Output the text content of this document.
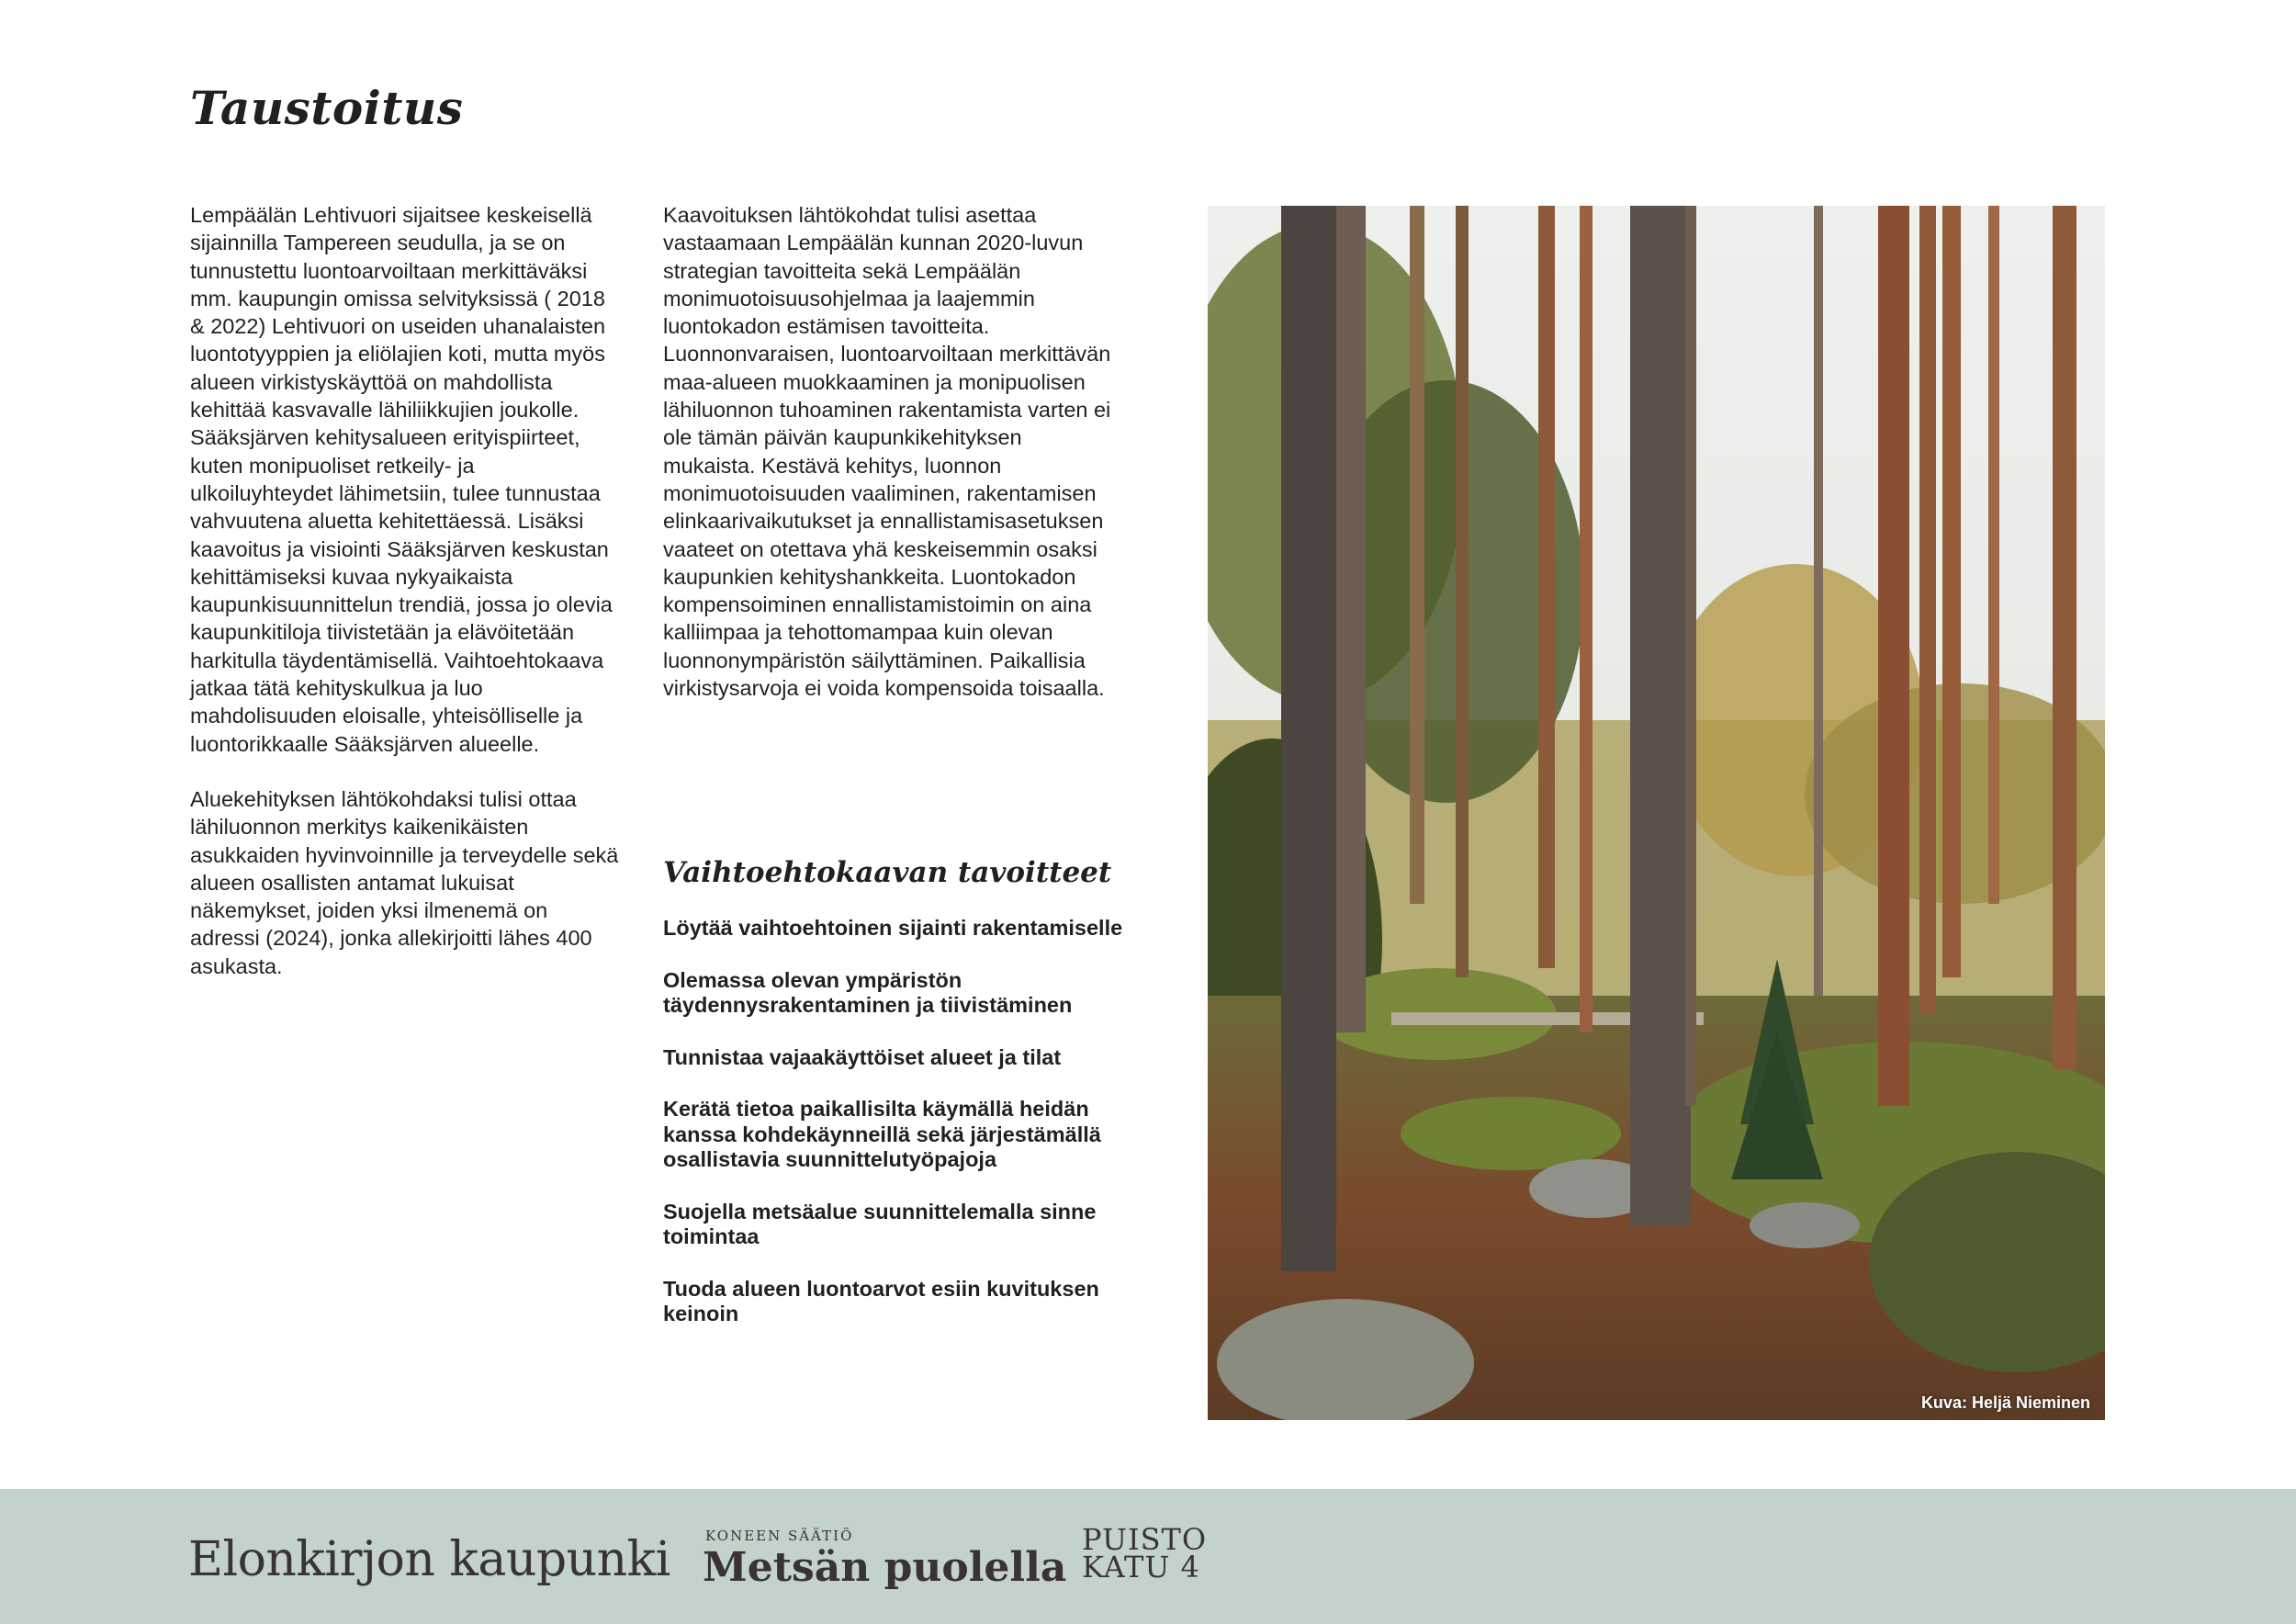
Taustoitus

Lempäälän Lehtivuori sijaitsee keskeisellä sijainnilla Tampereen seudulla, ja se on tunnustettu luontoarvoiltaan merkittäväksi mm. kaupungin omissa selvityksissä ( 2018 & 2022) Lehtivuori on useiden uhanalaisten luontotyyppien ja eliölajien koti, mutta myös alueen virkistyskäyttöä on mahdollista kehittää kasvavalle lähiliikkujien joukolle. Sääksjärven kehitysalueen erityispiirteet, kuten monipuoliset retkeily- ja ulkoiluyhteydet lähimetsiin, tulee tunnustaa vahvuutena aluetta kehitettäessä. Lisäksi kaavoitus ja visiointi Sääksjärven keskustan kehittämiseksi kuvaa nykyaikaista kaupunkisuunnittelun trendiä, jossa jo olevia kaupunkitiloja tiivistetään ja elävöitetään harkitulla täydentämisellä. Vaihtoehtokaava jatkaa tätä kehityskulkua ja luo mahdolisuuden eloisalle, yhteisölliselle ja luontorikkaalle Sääksjärven alueelle.

Aluekehityksen lähtökohdaksi tulisi ottaa lähiluonnon merkitys kaikenikäisten asukkaiden hyvinvoinnille ja terveydelle sekä alueen osallisten antamat lukuisat näkemykset, joiden yksi ilmenemä on adressi (2024), jonka allekirjoitti lähes 400 asukasta.

Kaavoituksen lähtökohdat tulisi asettaa vastaamaan Lempäälän kunnan 2020-luvun strategian tavoitteita sekä Lempäälän monimuotoisuusohjelmaa ja laajemmin luontokadon estämisen tavoitteita. Luonnonvaraisen, luontoarvoiltaan merkittävän maa-alueen muokkaaminen ja monipuolisen lähiluonnon tuhoaminen rakentamista varten ei ole tämän päivän kaupunkikehityksen mukaista. Kestävä kehitys, luonnon monimuotoisuuden vaaliminen, rakentamisen elinkaarivaikutukset ja ennallistamisasetuksen vaateet on otettava yhä keskeisemmin osaksi kaupunkien kehityshankkeita. Luontokadon kompensoiminen ennallistamistoimin on aina kalliimpaa ja tehottomampaa kuin olevan luonnonympäristön säilyttäminen. Paikallisia virkistysarvoja ei voida kompensoida toisaalla.

Vaihtoehtokaavan tavoitteet
Löytää vaihtoehtoinen sijainti rakentamiselle
Olemassa olevan ympäristön täydennysrakentaminen ja tiivistäminen
Tunnistaa vajaakäyttöiset alueet ja tilat
Kerätä tietoa paikallisilta käymällä heidän kanssa kohdekäynneillä sekä järjestämällä osallistavia suunnittelutyöpajoja
Suojella metsäalue suunnittelemalla sinne toimintaa
Tuoda alueen luontoarvot esiin kuvituksen keinoin
Kuva: Heljä Nieminen
Elonkirjon kaupunki	KONEEN SÄÄTIÖ
Metsän puolella
PUISTO
KATU 4
